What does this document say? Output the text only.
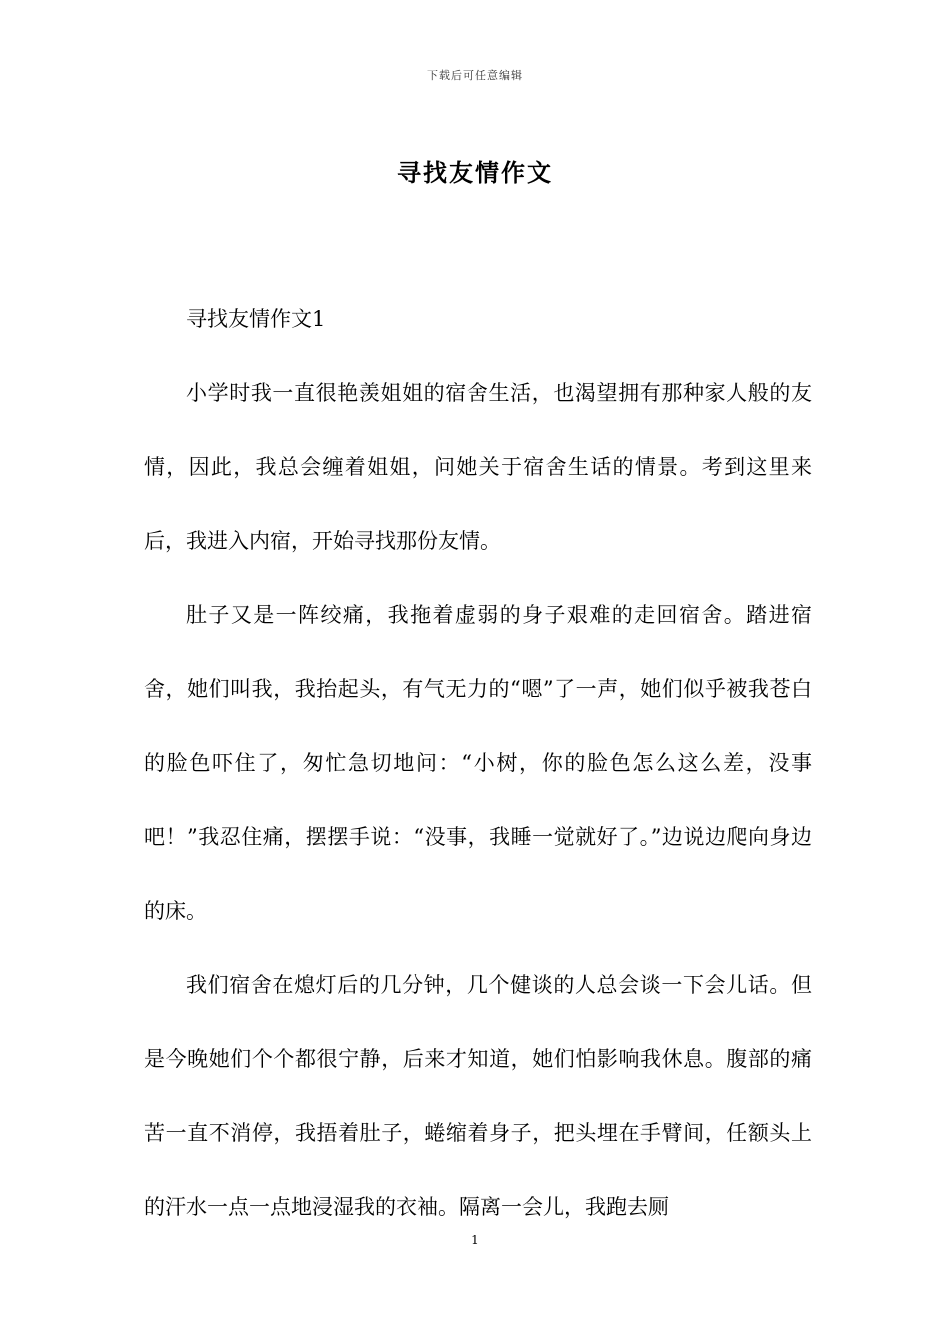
下载后可任意编辑
寻找友情作文

寻找友情作文1

小学时我一直很艳羡姐姐的宿舍生活，也渴望拥有那种家人般的友情，因此，我总会缠着姐姐，问她关于宿舍生话的情景。考到这里来后，我进入内宿，开始寻找那份友情。

肚子又是一阵绞痛，我拖着虚弱的身子艰难的走回宿舍。踏进宿舍，她们叫我，我抬起头，有气无力的“嗯”了一声，她们似乎被我苍白的脸色吓住了，匆忙急切地问：“小树，你的脸色怎么这么差，没事吧！”我忍住痛，摆摆手说：“没事，我睡一觉就好了。”边说边爬向身边的床。

我们宿舍在熄灯后的几分钟，几个健谈的人总会谈一下会儿话。但是今晚她们个个都很宁静，后来才知道，她们怕影响我休息。腹部的痛苦一直不消停，我捂着肚子，蜷缩着身子，把头埋在手臂间，任额头上的汗水一点一点地浸湿我的衣袖。隔离一会儿，我跑去厕

1
